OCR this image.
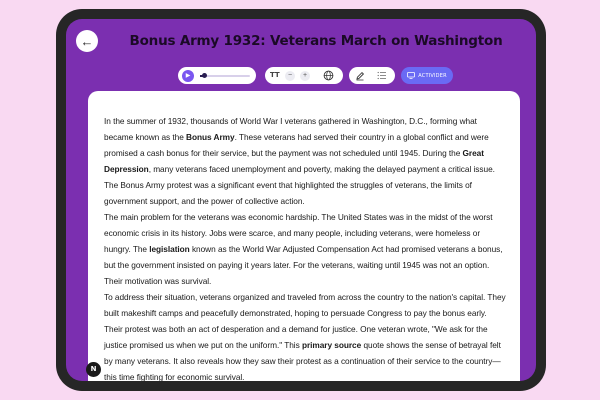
←	Bonus Army 1932: Veterans March on Washington
▶	TT	−	+	ACTIVIDER

In the summer of 1932, thousands of World War I veterans gathered in Washington, D.C., forming what became known as the Bonus Army. These veterans had served their country in a global conflict and were promised a cash bonus for their service, but the payment was not scheduled until 1945. During the Great Depression, many veterans faced unemployment and poverty, making the delayed payment a critical issue. The Bonus Army protest was a significant event that highlighted the struggles of veterans, the limits of government support, and the power of collective action.

The main problem for the veterans was economic hardship. The United States was in the midst of the worst economic crisis in its history. Jobs were scarce, and many people, including veterans, were homeless or hungry. The legislation known as the World War Adjusted Compensation Act had promised veterans a bonus, but the government insisted on paying it years later. For the veterans, waiting until 1945 was not an option. Their motivation was survival.

To address their situation, veterans organized and traveled from across the country to the nation's capital. They built makeshift camps and peacefully demonstrated, hoping to persuade Congress to pay the bonus early. Their protest was both an act of desperation and a demand for justice. One veteran wrote, "We ask for the justice promised us when we put on the uniform." This primary source quote shows the sense of betrayal felt by many veterans. It also reveals how they saw their protest as a continuation of their service to the country—this time fighting for economic survival.

N
